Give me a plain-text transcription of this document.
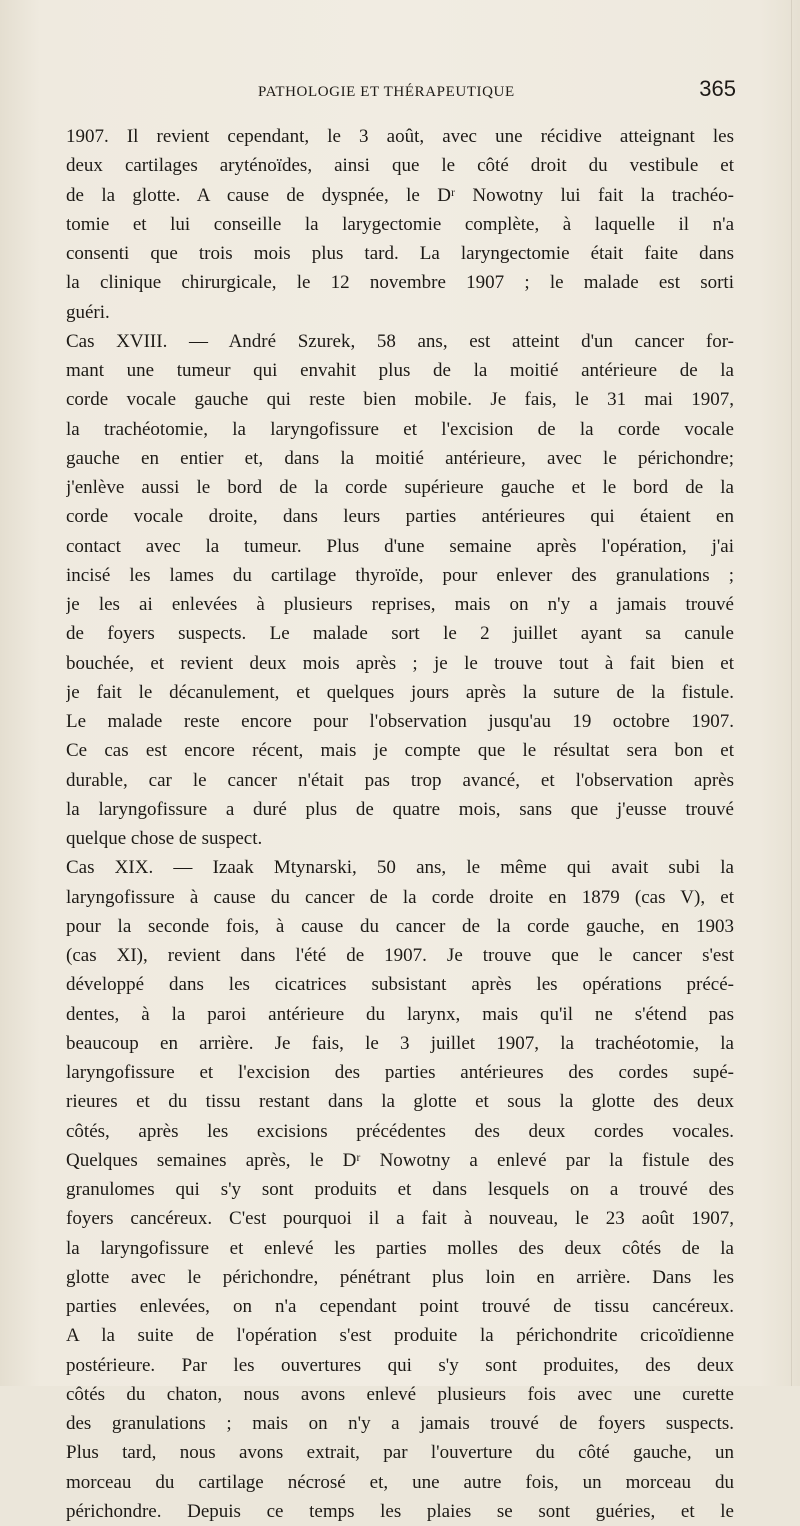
PATHOLOGIE ET THÉRAPEUTIQUE	365
1907. Il revient cependant, le 3 août, avec une récidive atteignant les
deux cartilages aryténoïdes, ainsi que le côté droit du vestibule et
de la glotte. A cause de dyspnée, le Dʳ Nowotny lui fait la trachéo-
tomie et lui conseille la larygectomie complète, à laquelle il n'a
consenti que trois mois plus tard. La laryngectomie était faite dans
la clinique chirurgicale, le 12 novembre 1907 ; le malade est sorti
guéri.
Cas XVIII. — André Szurek, 58 ans, est atteint d'un cancer for-
mant une tumeur qui envahit plus de la moitié antérieure de la
corde vocale gauche qui reste bien mobile. Je fais, le 31 mai 1907,
la trachéotomie, la laryngofissure et l'excision de la corde vocale
gauche en entier et, dans la moitié antérieure, avec le périchondre;
j'enlève aussi le bord de la corde supérieure gauche et le bord de la
corde vocale droite, dans leurs parties antérieures qui étaient en
contact avec la tumeur. Plus d'une semaine après l'opération, j'ai
incisé les lames du cartilage thyroïde, pour enlever des granulations ;
je les ai enlevées à plusieurs reprises, mais on n'y a jamais trouvé
de foyers suspects. Le malade sort le 2 juillet ayant sa canule
bouchée, et revient deux mois après ; je le trouve tout à fait bien et
je fait le décanulement, et quelques jours après la suture de la fistule.
Le malade reste encore pour l'observation jusqu'au 19 octobre 1907.
Ce cas est encore récent, mais je compte que le résultat sera bon et
durable, car le cancer n'était pas trop avancé, et l'observation après
la laryngofissure a duré plus de quatre mois, sans que j'eusse trouvé
quelque chose de suspect.
Cas XIX. — Izaak Mtynarski, 50 ans, le même qui avait subi la
laryngofissure à cause du cancer de la corde droite en 1879 (cas V), et
pour la seconde fois, à cause du cancer de la corde gauche, en 1903
(cas XI), revient dans l'été de 1907. Je trouve que le cancer s'est
développé dans les cicatrices subsistant après les opérations précé-
dentes, à la paroi antérieure du larynx, mais qu'il ne s'étend pas
beaucoup en arrière. Je fais, le 3 juillet 1907, la trachéotomie, la
laryngofissure et l'excision des parties antérieures des cordes supé-
rieures et du tissu restant dans la glotte et sous la glotte des deux
côtés, après les excisions précédentes des deux cordes vocales.
Quelques semaines après, le Dʳ Nowotny a enlevé par la fistule des
granulomes qui s'y sont produits et dans lesquels on a trouvé des
foyers cancéreux. C'est pourquoi il a fait à nouveau, le 23 août 1907,
la laryngofissure et enlevé les parties molles des deux côtés de la
glotte avec le périchondre, pénétrant plus loin en arrière. Dans les
parties enlevées, on n'a cependant point trouvé de tissu cancéreux.
A la suite de l'opération s'est produite la périchondrite cricoïdienne
postérieure. Par les ouvertures qui s'y sont produites, des deux
côtés du chaton, nous avons enlevé plusieurs fois avec une curette
des granulations ; mais on n'y a jamais trouvé de foyers suspects.
Plus tard, nous avons extrait, par l'ouverture du côté gauche, un
morceau du cartilage nécrosé et, une autre fois, un morceau du
périchondre. Depuis ce temps les plaies se sont guéries, et le
